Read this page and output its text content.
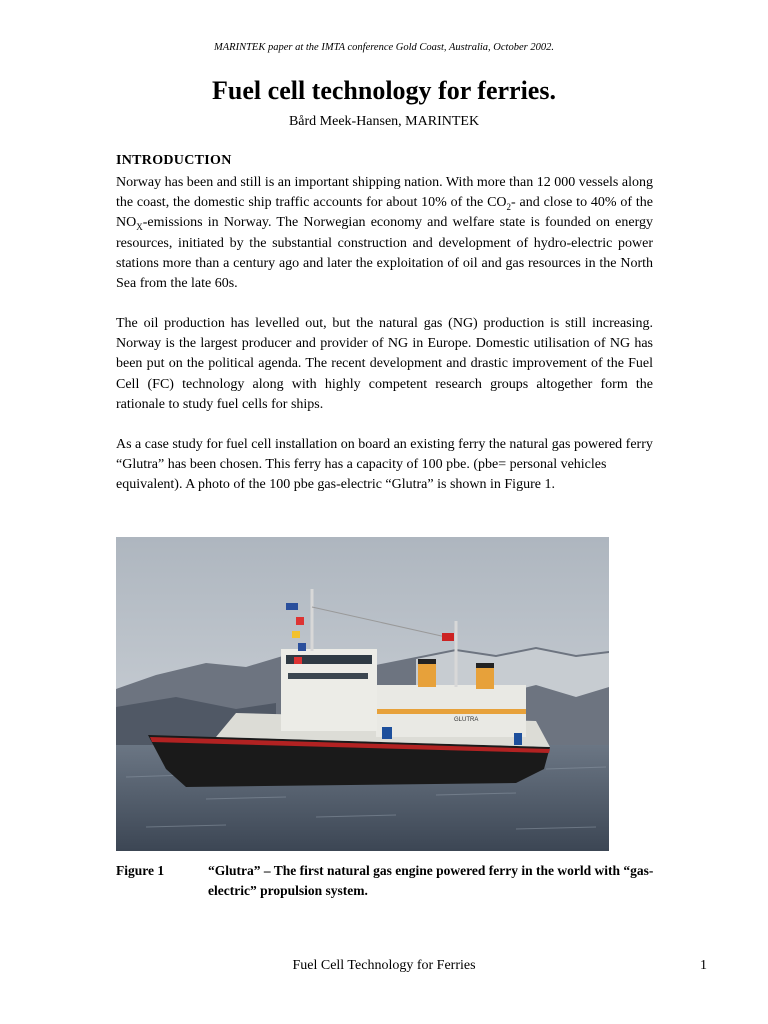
MARINTEK paper at the IMTA conference Gold Coast, Australia, October 2002.
Fuel cell technology for ferries.
Bård Meek-Hansen, MARINTEK
INTRODUCTION

Norway has been and still is an important shipping nation. With more than 12 000 vessels along the coast, the domestic ship traffic accounts for about 10% of the $CO_2-$ and close to 40% of the $NO_X$-emissions in Norway. The Norwegian economy and welfare state is founded on energy resources, initiated by the substantial construction and development of hydro-electric power stations more than a century ago and later the exploitation of oil and gas resources in the North Sea from the late 60s.

The oil production has levelled out, but the natural gas (NG) production is still increasing. Norway is the largest producer and provider of NG in Europe. Domestic utilisation of NG has been put on the political agenda. The recent development and drastic improvement of the Fuel Cell (FC) technology along with highly competent research groups altogether form the rationale to study fuel cells for ships.

As a case study for fuel cell installation on board an existing ferry the natural gas powered ferry “Glutra” has been chosen. This ferry has a capacity of 100 pbe. (pbe= personal vehicles equivalent). A photo of the 100 pbe gas-electric “Glutra” is shown in Figure 1.

GLUTRA
Figure 1	“Glutra” – The first natural gas engine powered ferry in the world with “gas-electric” propulsion system.
Fuel Cell Technology for Ferries	1
